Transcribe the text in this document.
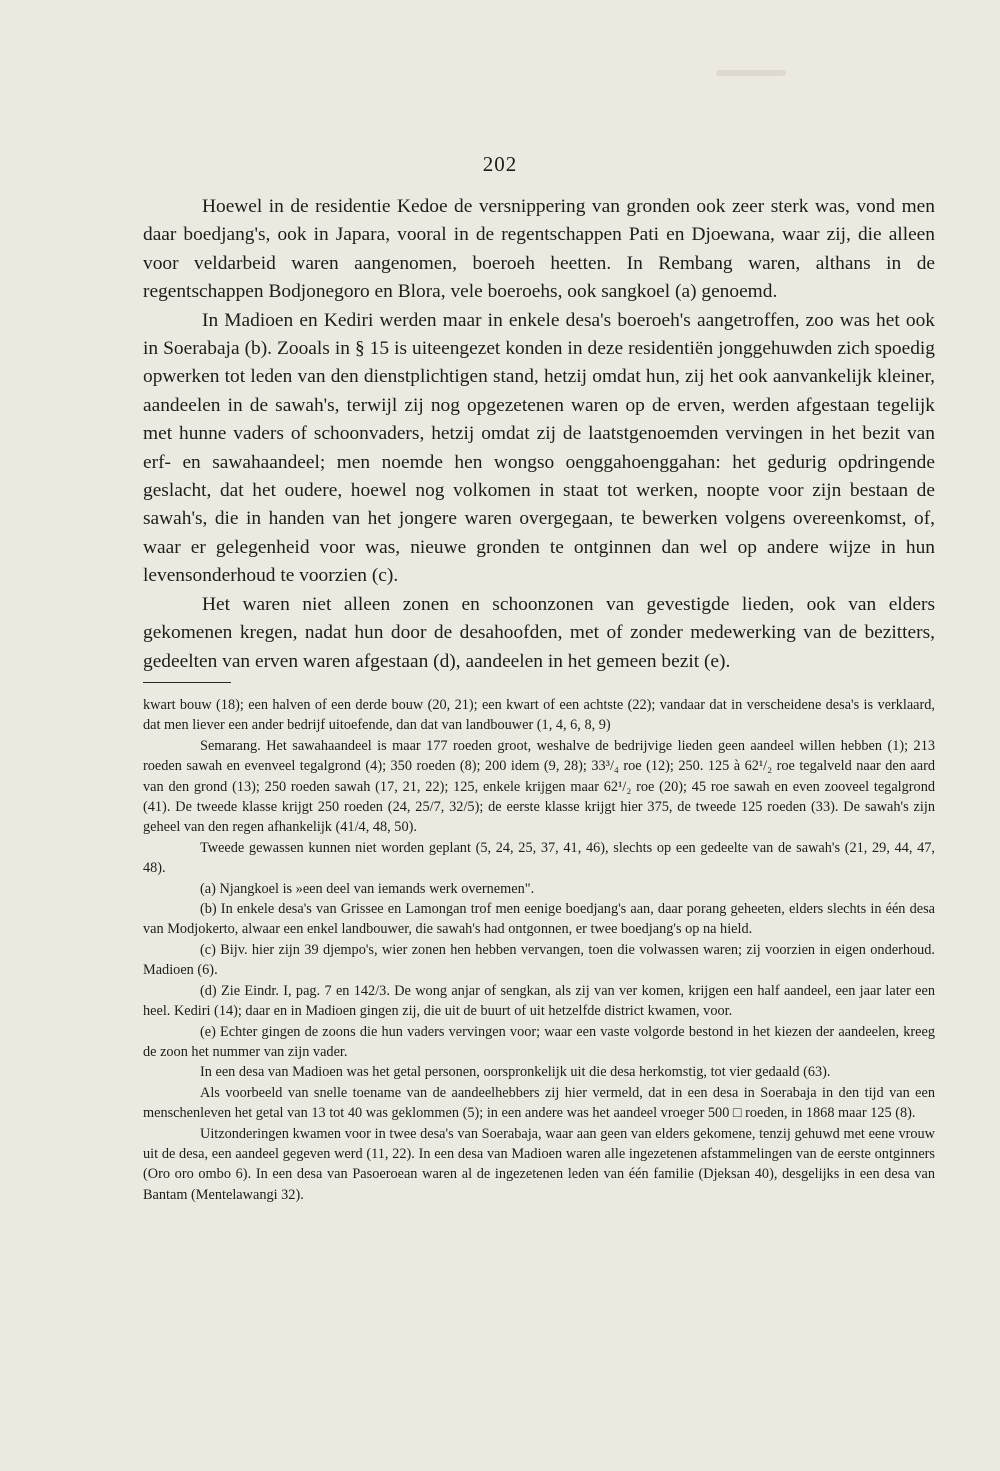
202

Hoewel in de residentie Kedoe de versnippering van gronden ook zeer sterk was, vond men daar boedjang's, ook in Japara, vooral in de regentschappen Pati en Djoewana, waar zij, die alleen voor veldarbeid waren aangenomen, boeroeh heetten. In Rembang waren, althans in de regentschappen Bodjonegoro en Blora, vele boeroehs, ook sangkoel (a) genoemd.

In Madioen en Kediri werden maar in enkele desa's boeroeh's aangetroffen, zoo was het ook in Soerabaja (b). Zooals in § 15 is uiteengezet konden in deze residentiën jonggehuwden zich spoedig opwerken tot leden van den dienstplichtigen stand, hetzij omdat hun, zij het ook aanvankelijk kleiner, aandeelen in de sawah's, terwijl zij nog opgezetenen waren op de erven, werden afgestaan tegelijk met hunne vaders of schoonvaders, hetzij omdat zij de laatstgenoemden vervingen in het bezit van erf- en sawahaandeel; men noemde hen wongso oenggahoenggahan: het gedurig opdringende geslacht, dat het oudere, hoewel nog volkomen in staat tot werken, noopte voor zijn bestaan de sawah's, die in handen van het jongere waren overgegaan, te bewerken volgens overeenkomst, of, waar er gelegenheid voor was, nieuwe gronden te ontginnen dan wel op andere wijze in hun levensonderhoud te voorzien (c).

Het waren niet alleen zonen en schoonzonen van gevestigde lieden, ook van elders gekomenen kregen, nadat hun door de desahoofden, met of zonder medewerking van de bezitters, gedeelten van erven waren afgestaan (d), aandeelen in het gemeen bezit (e).

kwart bouw (18); een halven of een derde bouw (20, 21); een kwart of een achtste (22); vandaar dat in verscheidene desa's is verklaard, dat men liever een ander bedrijf uitoefende, dan dat van landbouwer (1, 4, 6, 8, 9)

Semarang. Het sawahaandeel is maar 177 roeden groot, weshalve de bedrijvige lieden geen aandeel willen hebben (1); 213 roeden sawah en evenveel tegalgrond (4); 350 roeden (8); 200 idem (9, 28); 33³/₄ roe (12); 250. 125 à 62¹/₂ roe tegalveld naar den aard van den grond (13); 250 roeden sawah (17, 21, 22); 125, enkele krijgen maar 62¹/₂ roe (20); 45 roe sawah en even zooveel tegalgrond (41). De tweede klasse krijgt 250 roeden (24, 25/7, 32/5); de eerste klasse krijgt hier 375, de tweede 125 roeden (33). De sawah's zijn geheel van den regen afhankelijk (41/4, 48, 50).

Tweede gewassen kunnen niet worden geplant (5, 24, 25, 37, 41, 46), slechts op een gedeelte van de sawah's (21, 29, 44, 47, 48).

(a) Njangkoel is »een deel van iemands werk overnemen".

(b) In enkele desa's van Grissee en Lamongan trof men eenige boedjang's aan, daar porang geheeten, elders slechts in één desa van Modjokerto, alwaar een enkel landbouwer, die sawah's had ontgonnen, er twee boedjang's op na hield.

(c) Bijv. hier zijn 39 djempo's, wier zonen hen hebben vervangen, toen die volwassen waren; zij voorzien in eigen onderhoud. Madioen (6).

(d) Zie Eindr. I, pag. 7 en 142/3. De wong anjar of sengkan, als zij van ver komen, krijgen een half aandeel, een jaar later een heel. Kediri (14); daar en in Madioen gingen zij, die uit de buurt of uit hetzelfde district kwamen, voor.

(e) Echter gingen de zoons die hun vaders vervingen voor; waar een vaste volgorde bestond in het kiezen der aandeelen, kreeg de zoon het nummer van zijn vader.

In een desa van Madioen was het getal personen, oorspronkelijk uit die desa herkomstig, tot vier gedaald (63).

Als voorbeeld van snelle toename van de aandeelhebbers zij hier vermeld, dat in een desa in Soerabaja in den tijd van een menschenleven het getal van 13 tot 40 was geklommen (5); in een andere was het aandeel vroeger 500 □ roeden, in 1868 maar 125 (8).

Uitzonderingen kwamen voor in twee desa's van Soerabaja, waar aan geen van elders gekomene, tenzij gehuwd met eene vrouw uit de desa, een aandeel gegeven werd (11, 22). In een desa van Madioen waren alle ingezetenen afstammelingen van de eerste ontginners (Oro oro ombo 6). In een desa van Pasoeroean waren al de ingezetenen leden van één familie (Djeksan 40), desgelijks in een desa van Bantam (Mentelawangi 32).
